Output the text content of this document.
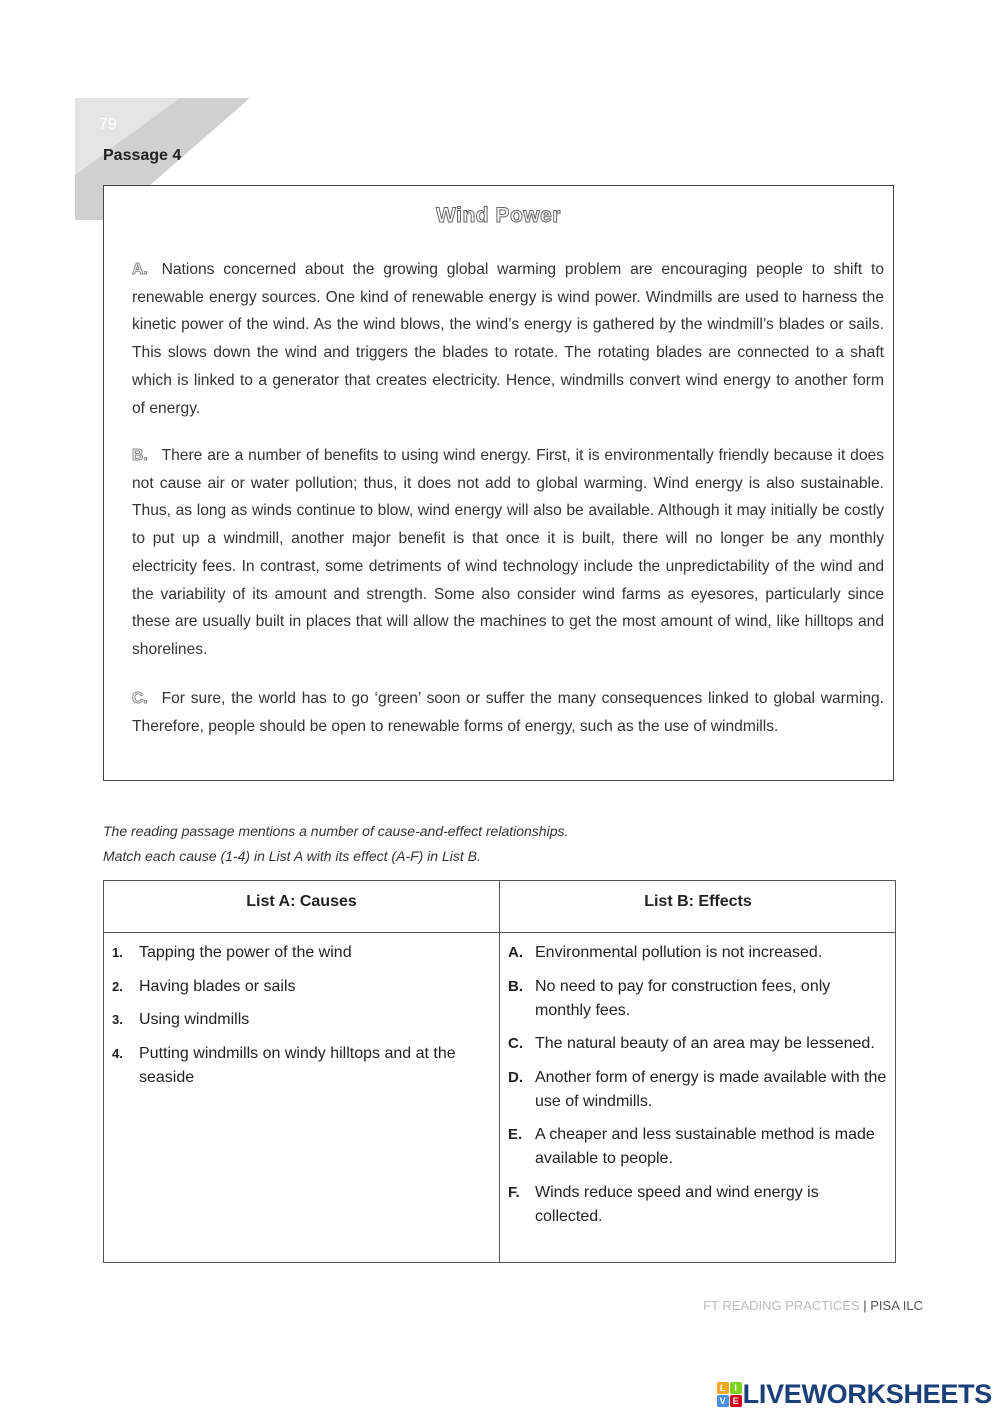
79
Passage 4
Wind Power
A. Nations concerned about the growing global warming problem are encouraging people to shift to renewable energy sources. One kind of renewable energy is wind power. Windmills are used to harness the kinetic power of the wind. As the wind blows, the wind’s energy is gathered by the windmill’s blades or sails. This slows down the wind and triggers the blades to rotate. The rotating blades are connected to a shaft which is linked to a generator that creates electricity. Hence, windmills convert wind energy to another form of energy.
B. There are a number of benefits to using wind energy. First, it is environmentally friendly because it does not cause air or water pollution; thus, it does not add to global warming. Wind energy is also sustainable. Thus, as long as winds continue to blow, wind energy will also be available. Although it may initially be costly to put up a windmill, another major benefit is that once it is built, there will no longer be any monthly electricity fees. In contrast, some detriments of wind technology include the unpredictability of the wind and the variability of its amount and strength. Some also consider wind farms as eyesores, particularly since these are usually built in places that will allow the machines to get the most amount of wind, like hilltops and shorelines.
C. For sure, the world has to go ‘green’ soon or suffer the many consequences linked to global warming. Therefore, people should be open to renewable forms of energy, such as the use of windmills.
The reading passage mentions a number of cause-and-effect relationships.
Match each cause (1-4) in List A with its effect (A-F) in List B.
List A: Causes	List B: Effects
1. Tapping the power of the wind
2. Having blades or sails
3. Using windmills
4. Putting windmills on windy hilltops and at the seaside
A. Environmental pollution is not increased.
B. No need to pay for construction fees, only monthly fees.
C. The natural beauty of an area may be lessened.
D. Another form of energy is made available with the use of windmills.
E. A cheaper and less sustainable method is made available to people.
F. Winds reduce speed and wind energy is collected.
FT READING PRACTICES | PISA ILC
L I
V E LIVEWORKSHEETS
